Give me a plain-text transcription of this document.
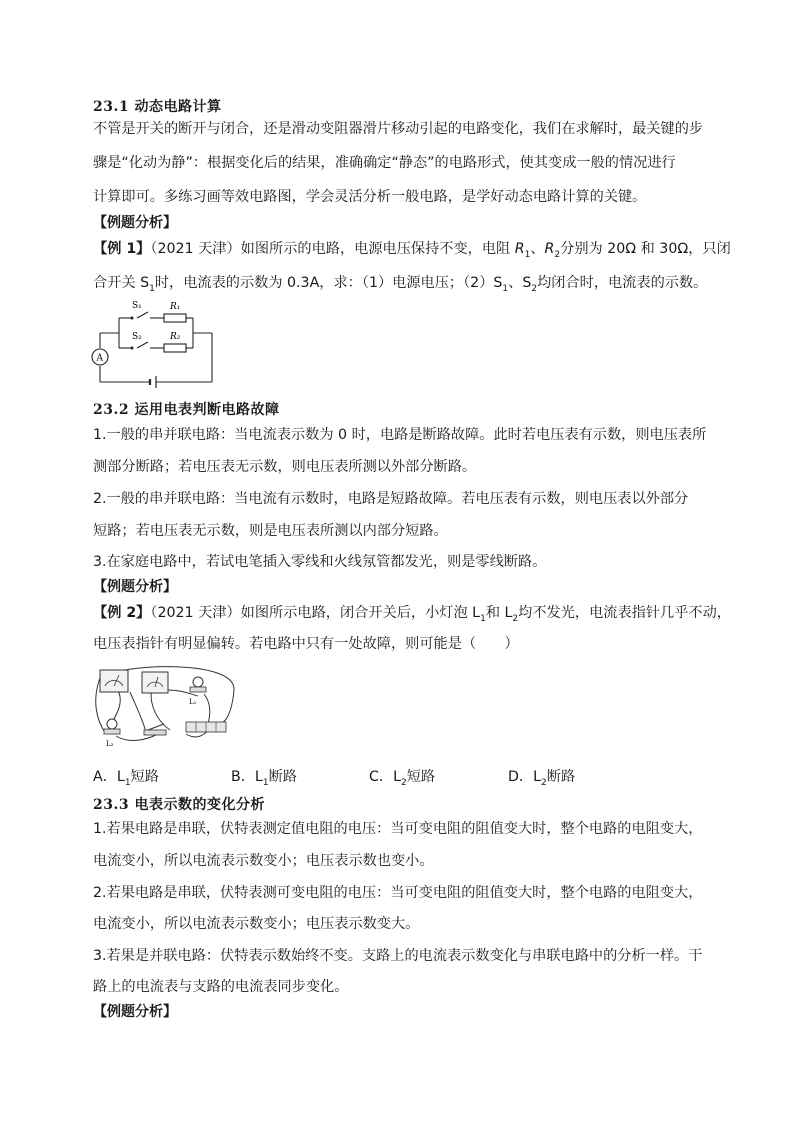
23.1 动态电路计算
不管是开关的断开与闭合，还是滑动变阻器滑片移动引起的电路变化，我们在求解时，最关键的步
骤是“化动为静”：根据变化后的结果，准确确定“静态”的电路形式，使其变成一般的情况进行
计算即可。多练习画等效电路图，学会灵活分析一般电路，是学好动态电路计算的关键。
【例题分析】
【例 1】（2021 天津）如图所示的电路，电源电压保持不变，电阻 $R_1$、$R_2$分别为 20Ω 和 30Ω，只闭
合开关 $S_1$时，电流表的示数为 0.3A，求：（1）电源电压；$(2)S_1$、$S_2$均闭合时，电流表的示数。
S₁	R₁
S₂	R₂
A
23.2 运用电表判断电路故障
1.一般的串并联电路：当电流表示数为 0 时，电路是断路故障。此时若电压表有示数，则电压表所
测部分断路；若电压表无示数，则电压表所测以外部分断路。
2.一般的串并联电路：当电流有示数时，电路是短路故障。若电压表有示数，则电压表以外部分
短路；若电压表无示数，则是电压表所测以内部分短路。
3.在家庭电路中，若试电笔插入零线和火线氖管都发光，则是零线断路。
【例题分析】
【例 2】（2021 天津）如图所示电路，闭合开关后，小灯泡 $L_1$和 $L_2$均不发光，电流表指针几乎不动，
电压表指针有明显偏转。若电路中只有一处故障，则可能是（　　）
L₁
L₂
A．$L_1$短路	B．$L_1$断路	C．$L_2$短路	D．$L_2$断路
23.3 电表示数的变化分析
1.若果电路是串联，伏特表测定值电阻的电压：当可变电阻的阻值变大时，整个电路的电阻变大，
电流变小，所以电流表示数变小；电压表示数也变小。
2.若果电路是串联，伏特表测可变电阻的电压：当可变电阻的阻值变大时，整个电路的电阻变大，
电流变小，所以电流表示数变小；电压表示数变大。
3.若果是并联电路：伏特表示数始终不变。支路上的电流表示数变化与串联电路中的分析一样。干
路上的电流表与支路的电流表同步变化。
【例题分析】
